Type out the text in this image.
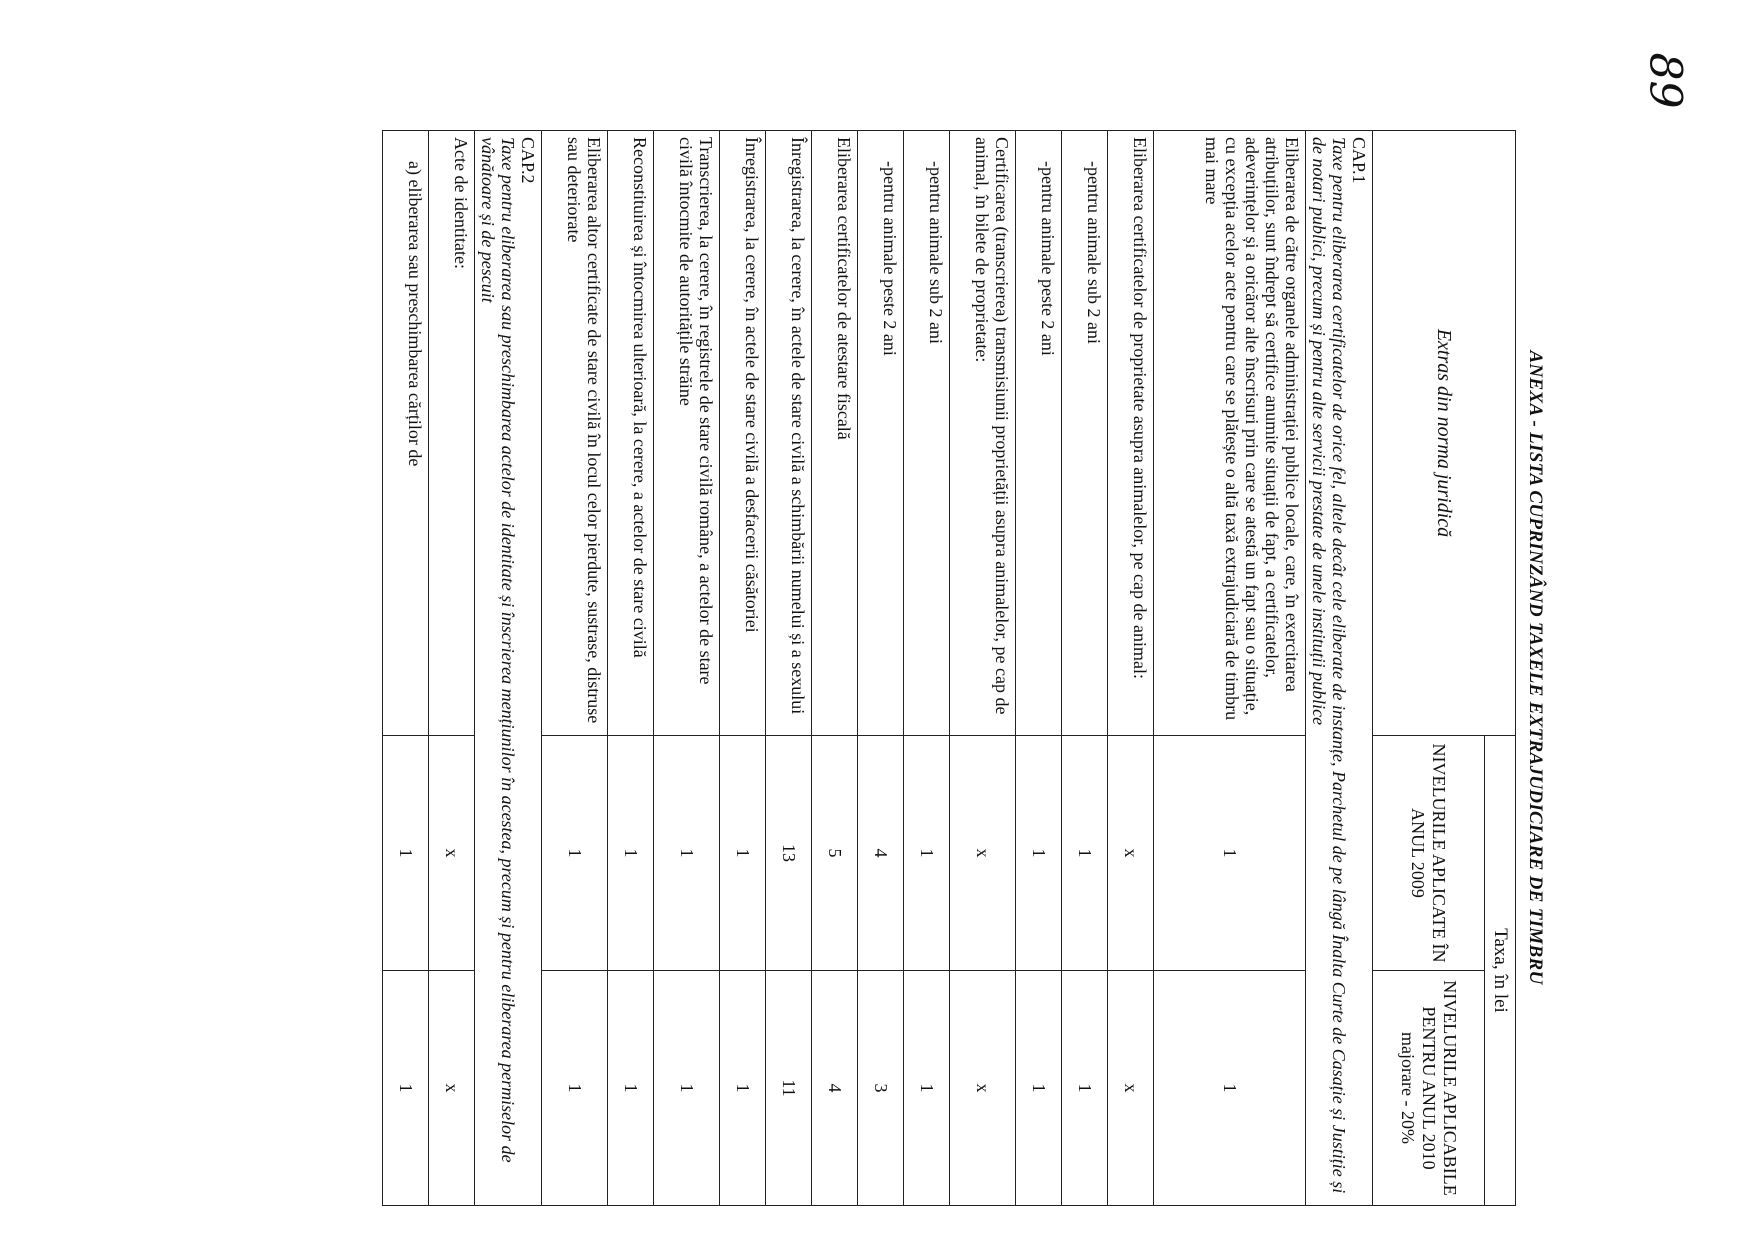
89
ANEXA - LISTA CUPRINZÂND TAXELE EXTRAJUDICIARE DE TIMBRU
Extras din norma juridică	Taxa, în lei	
	NIVELURILE APLICATE ÎN ANUL 2009	NIVELURILE APLICABILE PENTRU ANUL 2010 majorare - 20%

CAP.1
Taxe pentru eliberarea certificatelor de orice fel, altele decât cele eliberate de instanțe, Parchetul de pe lângă Înalta Curte de Casație și Justiție și de notari publici, precum și pentru alte servicii prestate de unele instituții publice		

Eliberarea de către organele administrației publice locale, care, în exercitarea atribuțiilor, sunt îndrept să certifice anumite situații de fapt, a certificatelor, adeverințelor și a oricăror alte înscrisuri prin care se atestă un fapt sau o situație, cu excepția acelor acte pentru care se plătește o altă taxă extrajudiciară de timbru mai mare	1	1
Eliberarea certificatelor de proprietate asupra animalelor, pe cap de animal:	x	x
-pentru animale sub 2 ani	1	1
-pentru animale peste 2 ani	1	1
Certificarea (transcrierea) transmisiunii proprietății asupra animalelor, pe cap de animal, în bilete de proprietate:	x	x
-pentru animale sub 2 ani	1	1
-pentru animale peste 2 ani	4	3
Eliberarea certificatelor de atestare fiscală	5	4
Înregistrarea, la cerere, în actele de stare civilă a schimbării numelui și a sexului	13	11
Înregistrarea, la cerere, în actele de stare civilă a desfacerii căsătoriei	1	1
Transcrierea, la cerere, în registrele de stare civilă române, a actelor de stare civilă întocmite de autoritățile străine	1	1
Reconstituirea și întocmirea ulterioară, la cerere, a actelor de stare civilă	1	1
Eliberarea altor certificate de stare civilă în locul celor pierdute, sustrase, distruse sau deteriorate	1	1

CAP.2
Taxe pentru eliberarea sau preschimbarea actelor de identitate și înscrierea mențiunilor în acestea, precum și pentru eliberarea permiselor de vânătoare și de pescuit		

Acte de identitate:	x	x
a) eliberarea sau preschimbarea cărților de	1	1
